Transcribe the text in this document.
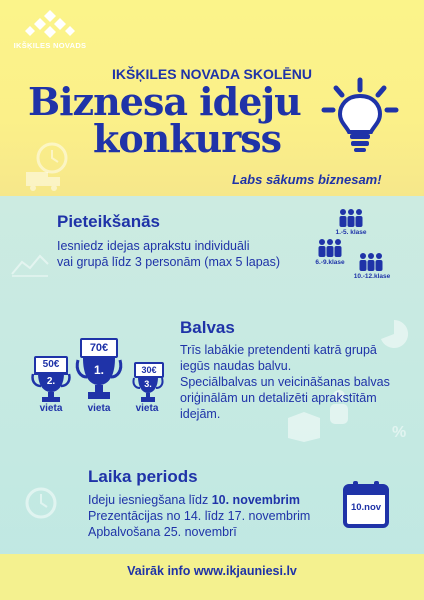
%
IKŠĶILES NOVADS
IKŠĶILES NOVADA SKOLĒNU
Biznesa ideju
konkurss
Labs sākums biznesam!
Pieteikšanās
Iesniedz idejas aprakstu individuāli
vai grupā līdz 3 personām (max 5 lapas)
1.-5. klase
6.-9.klase
10.-12.klase
Balvas
Trīs labākie pretendenti katrā grupā
iegūs naudas balvu.
Speciālbalvas un veicināšanas balvas
oriģinālām un detalizēti aprakstītām
idejām.
50€
2.
vieta
70€
1.
vieta
30€
3.
vieta
Laika periods
Ideju iesniegšana līdz 10. novembrim
Prezentācijas no 14. līdz 17. novembrim
Apbalvošana 25. novembrī
10.nov
Vairāk info www.ikjauniesi.lv
